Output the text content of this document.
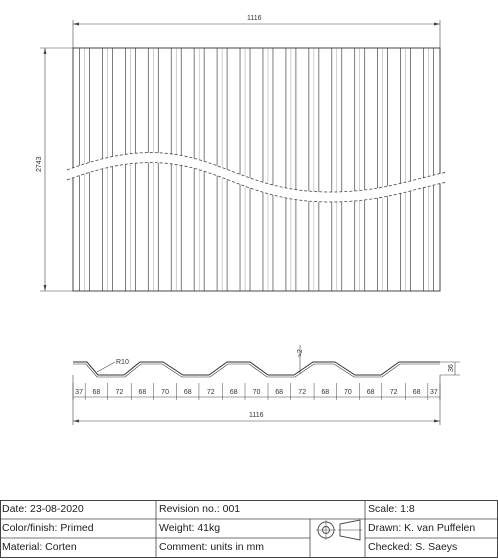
1116
2743
R10
≈2
36
37 68 72 68 70 68 72 68 70 68 72 68 70 68 72 68 37
1116
Date: 23-08-2020
Color/finish: Primed
Material: Corten
Revision no.: 001
Weight: 41kg
Comment: units in mm
Scale: 1:8
Drawn: K. van Puffelen
Checked: S. Saeys
